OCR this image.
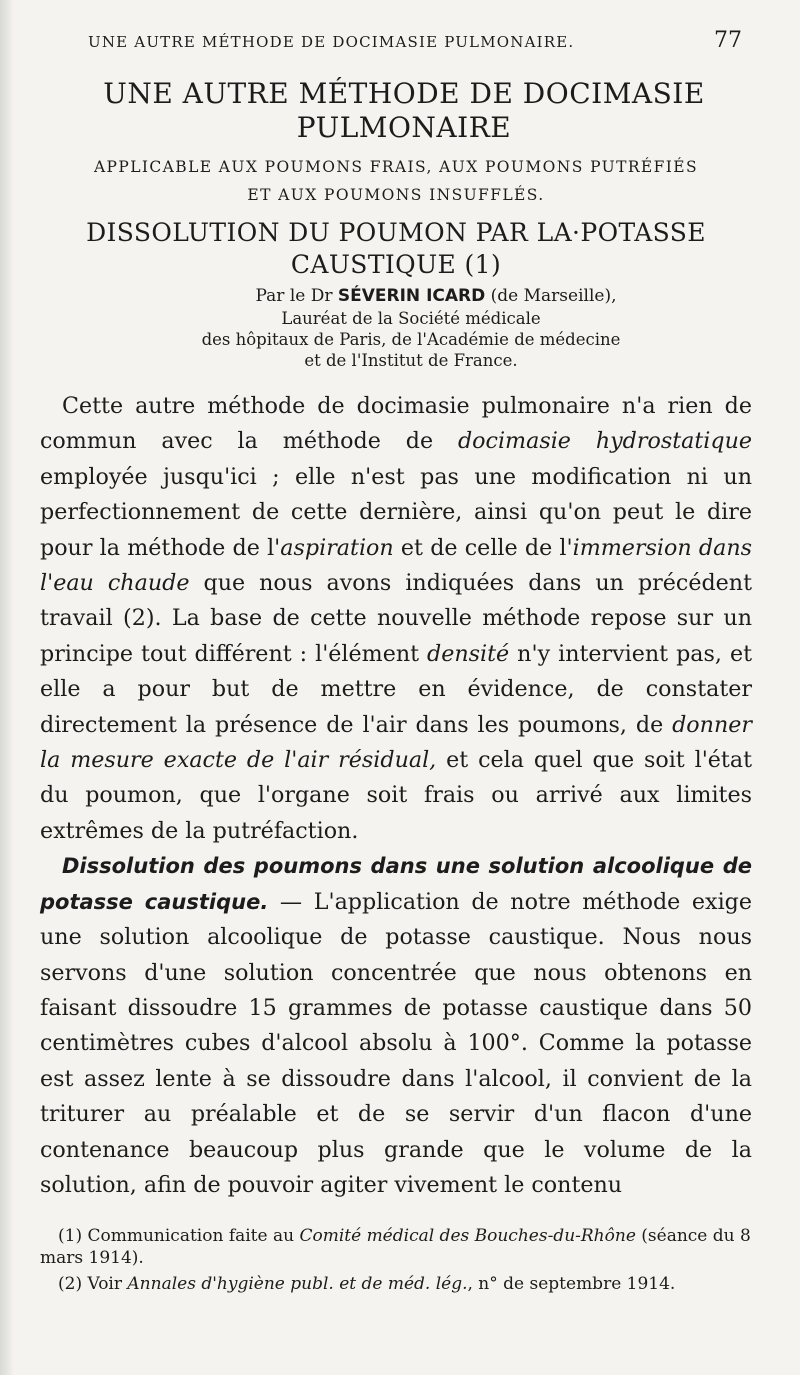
UNE AUTRE MÉTHODE DE DOCIMASIE PULMONAIRE.	77
UNE AUTRE MÉTHODE DE DOCIMASIE PULMONAIRE
APPLICABLE AUX POUMONS FRAIS, AUX POUMONS PUTRÉFIÉS
ET AUX POUMONS INSUFFLÉS.
DISSOLUTION DU POUMON PAR LA·POTASSE CAUSTIQUE (1)
Par le Dr SÉVERIN ICARD (de Marseille),
Lauréat de la Société médicale
des hôpitaux de Paris, de l'Académie de médecine
et de l'Institut de France.

Cette autre méthode de docimasie pulmonaire n'a rien de commun avec la méthode de docimasie hydrostatique employée jusqu'ici ; elle n'est pas une modification ni un perfectionnement de cette dernière, ainsi qu'on peut le dire pour la méthode de l'aspiration et de celle de l'immersion dans l'eau chaude que nous avons indiquées dans un précédent travail (2). La base de cette nouvelle méthode repose sur un principe tout différent : l'élément densité n'y intervient pas, et elle a pour but de mettre en évidence, de constater directement la présence de l'air dans les poumons, de donner la mesure exacte de l'air résidual, et cela quel que soit l'état du poumon, que l'organe soit frais ou arrivé aux limites extrêmes de la putréfaction.

Dissolution des poumons dans une solution alcoolique de potasse caustique. — L'application de notre méthode exige une solution alcoolique de potasse caustique. Nous nous servons d'une solution concentrée que nous obtenons en faisant dissoudre 15 grammes de potasse caustique dans 50 centimètres cubes d'alcool absolu à 100°. Comme la potasse est assez lente à se dissoudre dans l'alcool, il convient de la triturer au préalable et de se servir d'un flacon d'une contenance beaucoup plus grande que le volume de la solution, afin de pouvoir agiter vivement le contenu

(1) Communication faite au Comité médical des Bouches-du-Rhône (séance du 8 mars 1914).

(2) Voir Annales d'hygiène publ. et de méd. lég., n° de septembre 1914.
